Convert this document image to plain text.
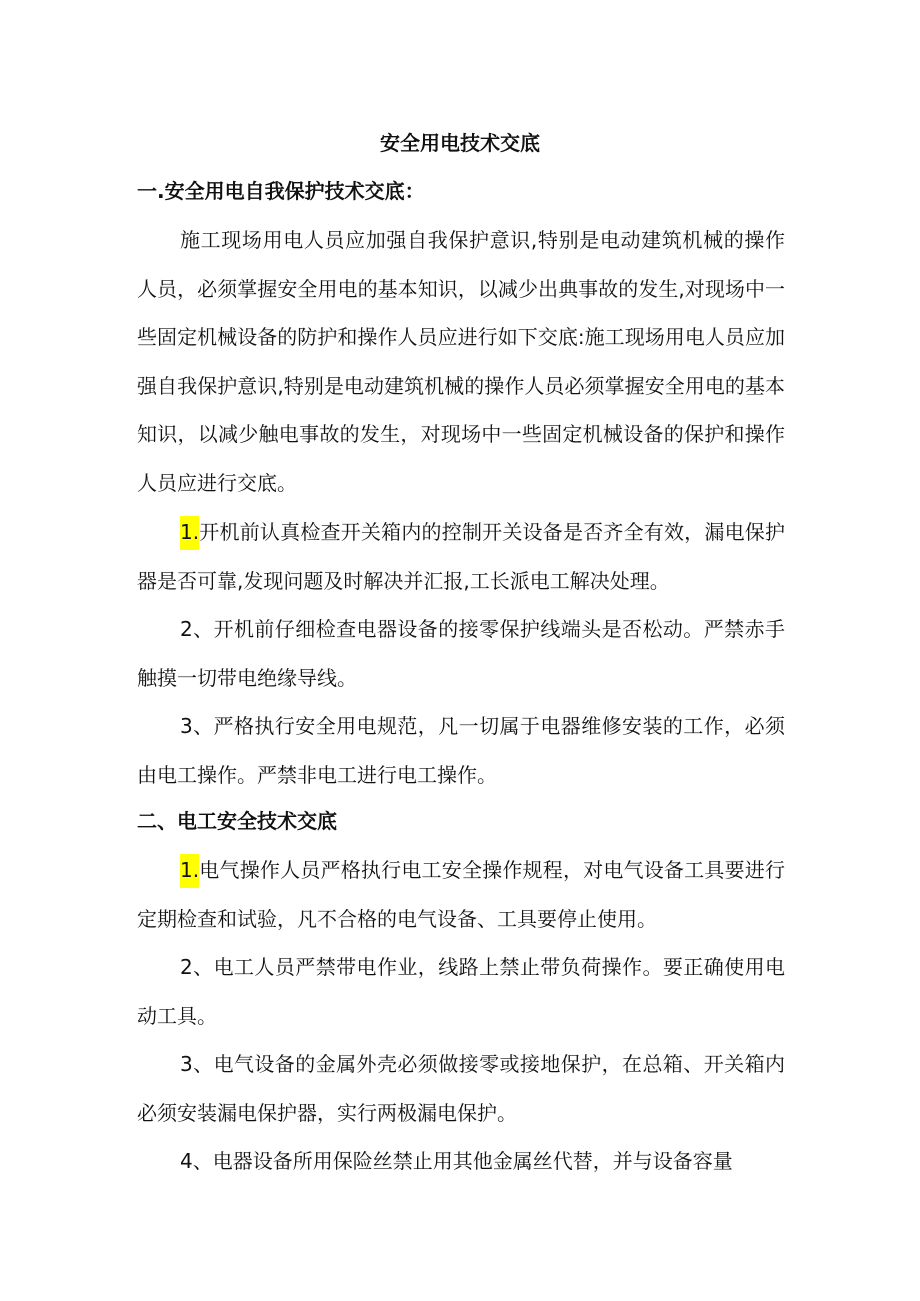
安全用电技术交底
一.安全用电自我保护技术交底：
施工现场用电人员应加强自我保护意识,特别是电动建筑机械的操作人员，必须掌握安全用电的基本知识，以减少出典事故的发生,对现场中一些固定机械设备的防护和操作人员应进行如下交底:施工现场用电人员应加强自我保护意识,特别是电动建筑机械的操作人员必须掌握安全用电的基本知识，以减少触电事故的发生，对现场中一些固定机械设备的保护和操作人员应进行交底。
1.开机前认真检查开关箱内的控制开关设备是否齐全有效，漏电保护器是否可靠,发现问题及时解决并汇报,工长派电工解决处理。
2、开机前仔细检查电器设备的接零保护线端头是否松动。严禁赤手触摸一切带电绝缘导线。
3、严格执行安全用电规范，凡一切属于电器维修安装的工作，必须由电工操作。严禁非电工进行电工操作。
二、电工安全技术交底
1.电气操作人员严格执行电工安全操作规程，对电气设备工具要进行定期检查和试验，凡不合格的电气设备、工具要停止使用。
2、电工人员严禁带电作业，线路上禁止带负荷操作。要正确使用电动工具。
3、电气设备的金属外壳必须做接零或接地保护，在总箱、开关箱内必须安装漏电保护器，实行两极漏电保护。
4、电器设备所用保险丝禁止用其他金属丝代替，并与设备容量
